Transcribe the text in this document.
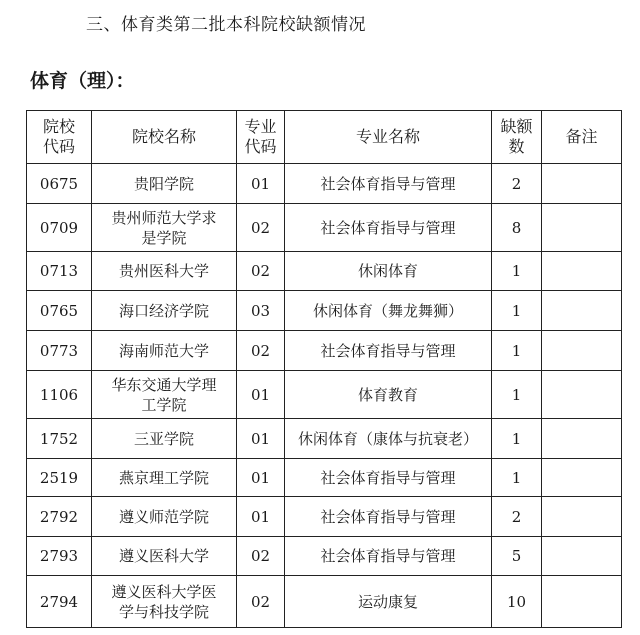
三、体育类第二批本科院校缺额情况
体育（理）：
院校代码	院校名称	专业代码	专业名称	缺额数	备注
0675	贵阳学院	01	社会体育指导与管理	2	
0709	贵州师范大学求是学院	02	社会体育指导与管理	8	
0713	贵州医科大学	02	休闲体育	1	
0765	海口经济学院	03	休闲体育（舞龙舞狮）	1	
0773	海南师范大学	02	社会体育指导与管理	1	
1106	华东交通大学理工学院	01	体育教育	1	
1752	三亚学院	01	休闲体育（康体与抗衰老）	1	
2519	燕京理工学院	01	社会体育指导与管理	1	
2792	遵义师范学院	01	社会体育指导与管理	2	
2793	遵义医科大学	02	社会体育指导与管理	5	
2794	遵义医科大学医学与科技学院	02	运动康复	10	
